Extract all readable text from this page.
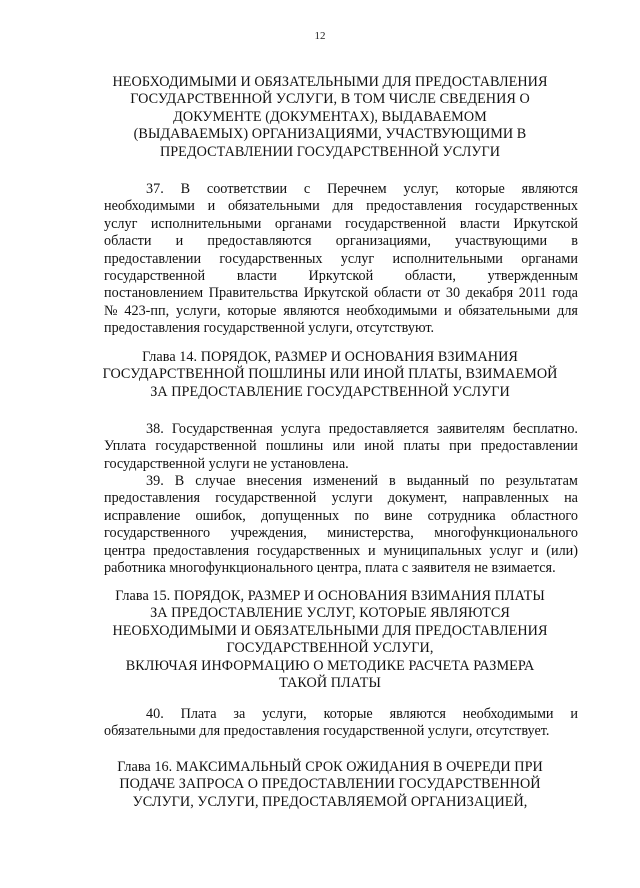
12
НЕОБХОДИМЫМИ И ОБЯЗАТЕЛЬНЫМИ ДЛЯ ПРЕДОСТАВЛЕНИЯ
ГОСУДАРСТВЕННОЙ УСЛУГИ, В ТОМ ЧИСЛЕ СВЕДЕНИЯ О
ДОКУМЕНТЕ (ДОКУМЕНТАХ), ВЫДАВАЕМОМ
(ВЫДАВАЕМЫХ) ОРГАНИЗАЦИЯМИ, УЧАСТВУЮЩИМИ В
ПРЕДОСТАВЛЕНИИ ГОСУДАРСТВЕННОЙ УСЛУГИ
37. В соответствии с Перечнем услуг, которые являются
необходимыми и обязательными для предоставления государственных
услуг исполнительными органами государственной власти Иркутской
области и предоставляются организациями, участвующими в
предоставлении государственных услуг исполнительными органами
государственной власти Иркутской области, утвержденным
постановлением Правительства Иркутской области от 30 декабря 2011 года
№ 423-пп, услуги, которые являются необходимыми и обязательными для
предоставления государственной услуги, отсутствуют.
Глава 14. ПОРЯДОК, РАЗМЕР И ОСНОВАНИЯ ВЗИМАНИЯ
ГОСУДАРСТВЕННОЙ ПОШЛИНЫ ИЛИ ИНОЙ ПЛАТЫ, ВЗИМАЕМОЙ
ЗА ПРЕДОСТАВЛЕНИЕ ГОСУДАРСТВЕННОЙ УСЛУГИ
38. Государственная услуга предоставляется заявителям бесплатно.
Уплата государственной пошлины или иной платы при предоставлении
государственной услуги не установлена.
39. В случае внесения изменений в выданный по результатам
предоставления государственной услуги документ, направленных на
исправление ошибок, допущенных по вине сотрудника областного
государственного учреждения, министерства, многофункционального
центра предоставления государственных и муниципальных услуг и (или)
работника многофункционального центра, плата с заявителя не взимается.
Глава 15. ПОРЯДОК, РАЗМЕР И ОСНОВАНИЯ ВЗИМАНИЯ ПЛАТЫ
ЗА ПРЕДОСТАВЛЕНИЕ УСЛУГ, КОТОРЫЕ ЯВЛЯЮТСЯ
НЕОБХОДИМЫМИ И ОБЯЗАТЕЛЬНЫМИ ДЛЯ ПРЕДОСТАВЛЕНИЯ
ГОСУДАРСТВЕННОЙ УСЛУГИ,
ВКЛЮЧАЯ ИНФОРМАЦИЮ О МЕТОДИКЕ РАСЧЕТА РАЗМЕРА
ТАКОЙ ПЛАТЫ
40. Плата за услуги, которые являются необходимыми и
обязательными для предоставления государственной услуги, отсутствует.
Глава 16. МАКСИМАЛЬНЫЙ СРОК ОЖИДАНИЯ В ОЧЕРЕДИ ПРИ
ПОДАЧЕ ЗАПРОСА О ПРЕДОСТАВЛЕНИИ ГОСУДАРСТВЕННОЙ
УСЛУГИ, УСЛУГИ, ПРЕДОСТАВЛЯЕМОЙ ОРГАНИЗАЦИЕЙ,
